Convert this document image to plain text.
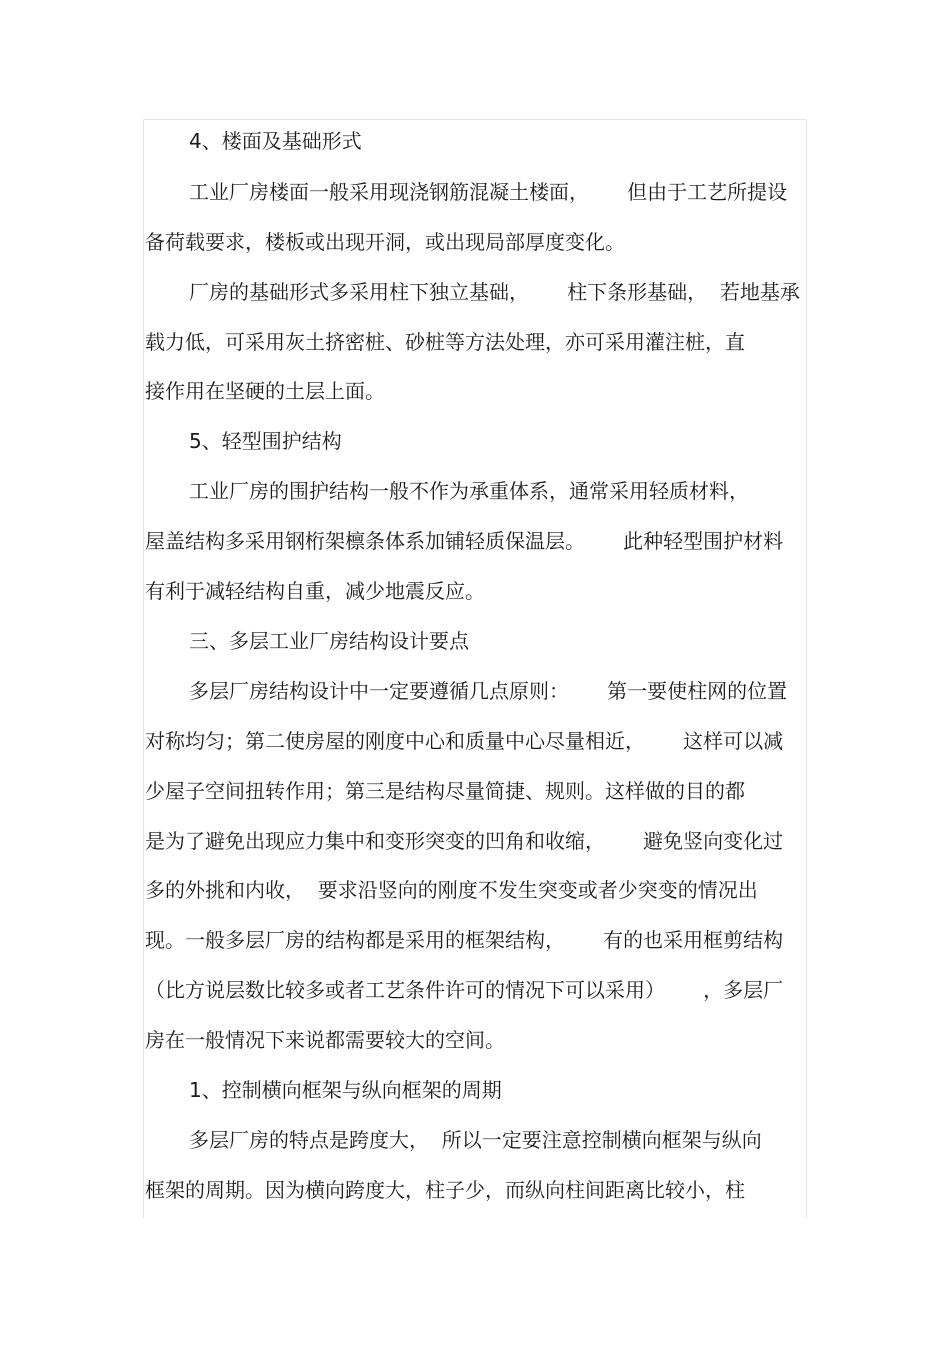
4、楼面及基础形式
工业厂房楼面一般采用现浇钢筋混凝土楼面，      但由于工艺所提设
备荷载要求，楼板或出现开洞，或出现局部厚度变化。
厂房的基础形式多采用柱下独立基础，      柱下条形基础，  若地基承
载力低，可采用灰土挤密桩、砂桩等方法处理，亦可采用灌注桩，直
接作用在坚硬的土层上面。
5、轻型围护结构
工业厂房的围护结构一般不作为承重体系，通常采用轻质材料，
屋盖结构多采用钢桁架檩条体系加铺轻质保温层。      此种轻型围护材料
有利于减轻结构自重，减少地震反应。
三、多层工业厂房结构设计要点
多层厂房结构设计中一定要遵循几点原则：      第一要使柱网的位置
对称均匀；第二使房屋的刚度中心和质量中心尽量相近，      这样可以减
少屋子空间扭转作用；第三是结构尽量简捷、规则。这样做的目的都
是为了避免出现应力集中和变形突变的凹角和收缩，      避免竖向变化过
多的外挑和内收，  要求沿竖向的刚度不发生突变或者少突变的情况出
现。一般多层厂房的结构都是采用的框架结构，      有的也采用框剪结构
（比方说层数比较多或者工艺条件许可的情况下可以采用）      ，多层厂
房在一般情况下来说都需要较大的空间。
1、控制横向框架与纵向框架的周期
多层厂房的特点是跨度大，  所以一定要注意控制横向框架与纵向
框架的周期。因为横向跨度大，柱子少，而纵向柱间距离比较小，柱
